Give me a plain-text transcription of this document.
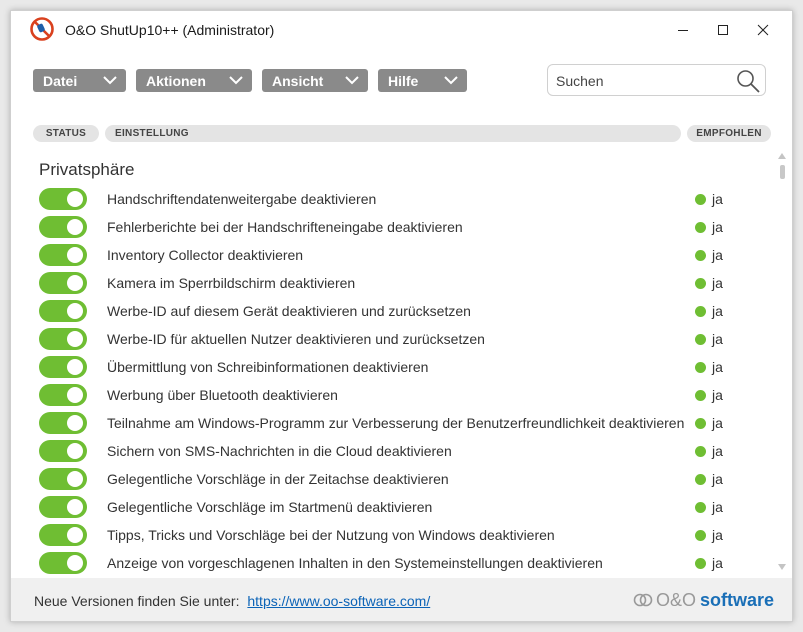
O&O ShutUp10++ (Administrator)
Datei	Aktionen	Ansicht	Hilfe
Suchen
STATUS	EINSTELLUNG	EMPFOHLEN
Privatsphäre
Handschriftendatenweitergabe deaktivieren	ja
Fehlerberichte bei der Handschrifteneingabe deaktivieren	ja
Inventory Collector deaktivieren	ja
Kamera im Sperrbildschirm deaktivieren	ja
Werbe-ID auf diesem Gerät deaktivieren und zurücksetzen	ja
Werbe-ID für aktuellen Nutzer deaktivieren und zurücksetzen	ja
Übermittlung von Schreibinformationen deaktivieren	ja
Werbung über Bluetooth deaktivieren	ja
Teilnahme am Windows-Programm zur Verbesserung der Benutzerfreundlichkeit deaktivieren ja
Sichern von SMS-Nachrichten in die Cloud deaktivieren	ja
Gelegentliche Vorschläge in der Zeitachse deaktivieren	ja
Gelegentliche Vorschläge im Startmenü deaktivieren	ja
Tipps, Tricks und Vorschläge bei der Nutzung von Windows deaktivieren	ja
Anzeige von vorgeschlagenen Inhalten in den Systemeinstellungen deaktivieren	ja
Neue Versionen finden Sie unter: https://www.oo-software.com/	O&O software
